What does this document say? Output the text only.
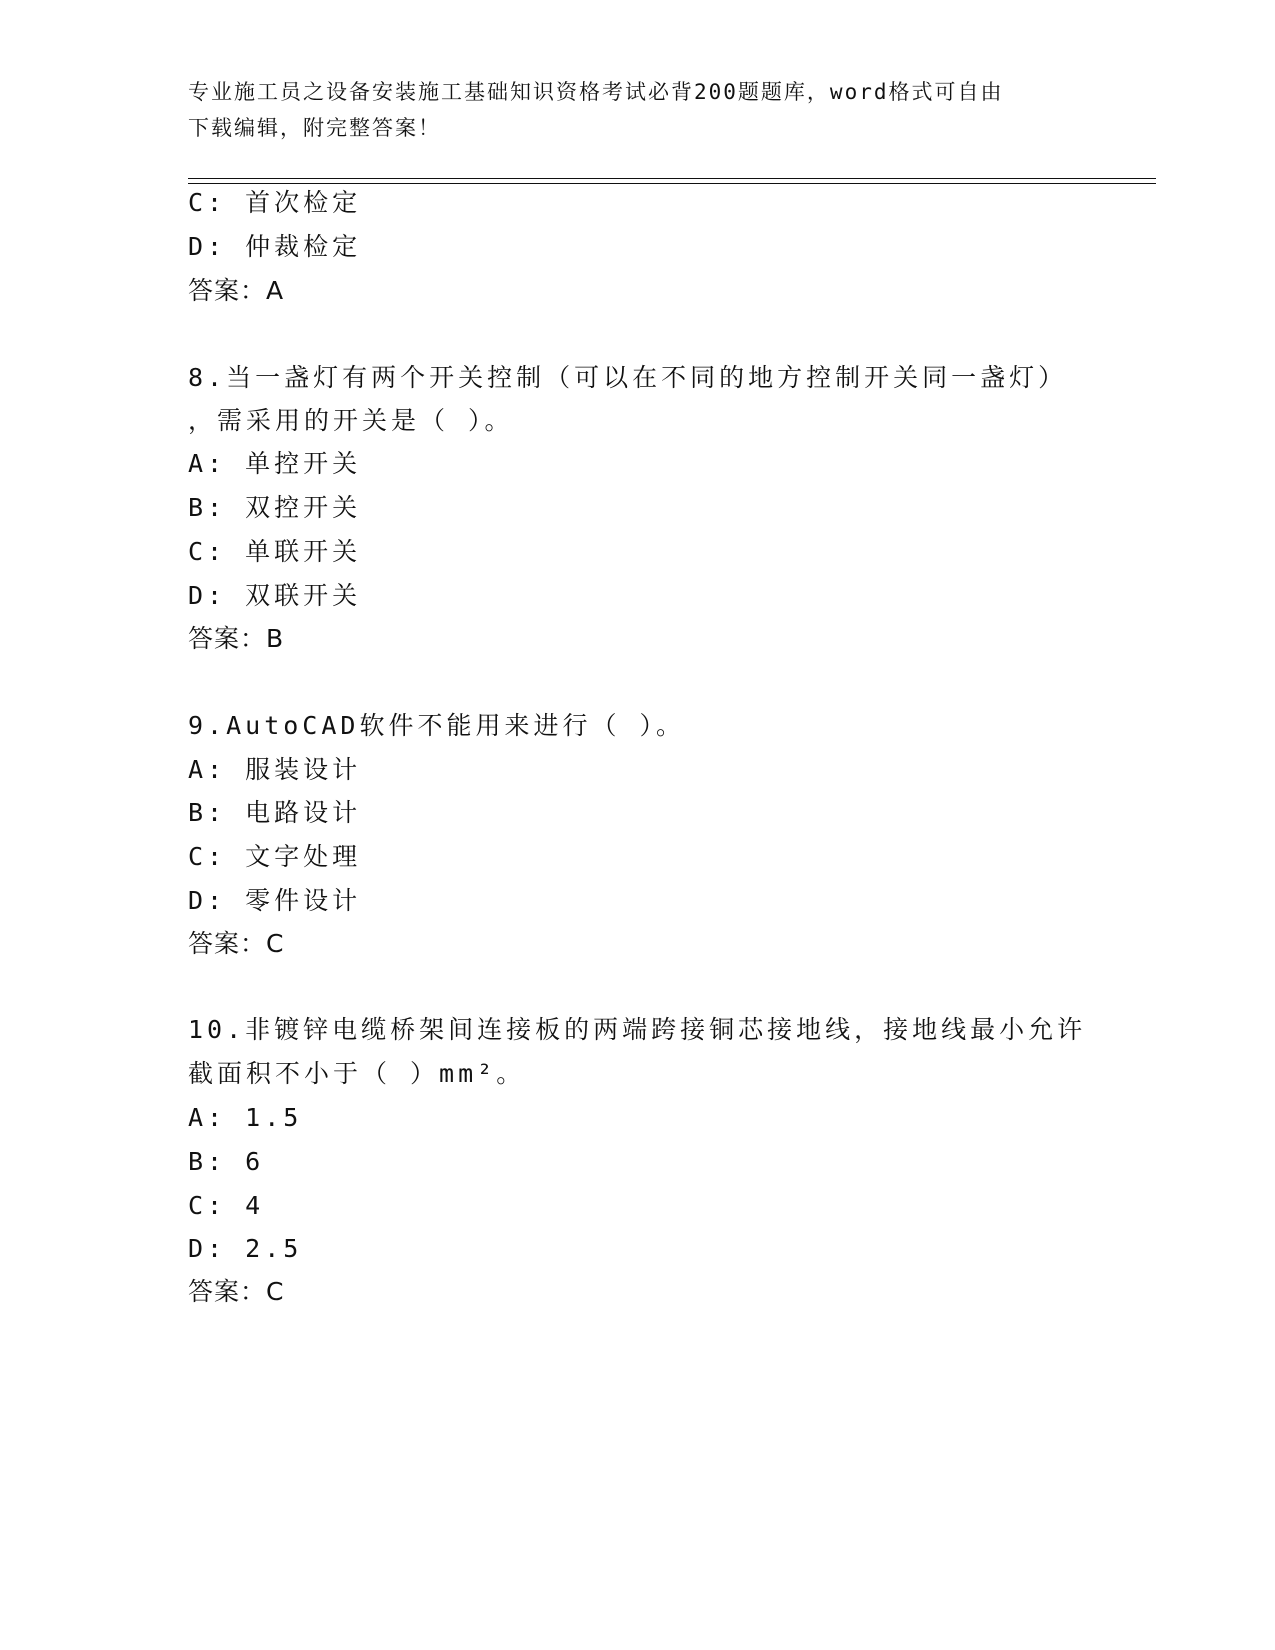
专业施工员之设备安装施工基础知识资格考试必背200题题库，word格式可自由
下载编辑，附完整答案！
C: 首次检定
D: 仲裁检定
答案：A
8.当一盏灯有两个开关控制（可以在不同的地方控制开关同一盏灯）
，需采用的开关是（ ）。
A: 单控开关
B: 双控开关
C: 单联开关
D: 双联开关
答案：B
9.AutoCAD软件不能用来进行（ ）。
A: 服装设计
B: 电路设计
C: 文字处理
D: 零件设计
答案：C
10.非镀锌电缆桥架间连接板的两端跨接铜芯接地线，接地线最小允许
截面积不小于（ ）mm²。
A: 1.5
B: 6
C: 4
D: 2.5
答案：C
